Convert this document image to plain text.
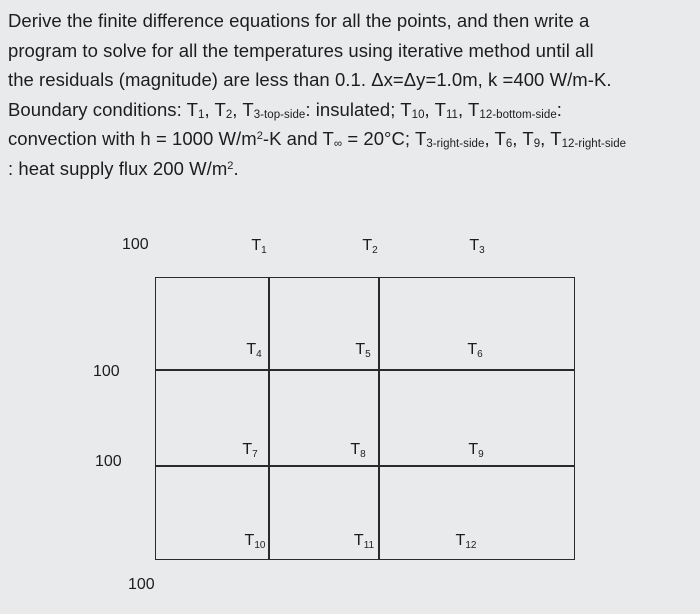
Derive the finite difference equations for all the points, and then write a
program to solve for all the temperatures using iterative method until all
the residuals (magnitude) are less than 0.1. Δx=Δy=1.0m, k =400 W/m-K.
Boundary conditions: $T_1$, $T_2$, $T_{3-top-side}$: insulated; $T_{10}$, $T_{11}$, $T_{12-bottom-side}$:
convection with h = 1000 $W/m^2-K$ and $T_\infty = 20^\circ C$; $T_{3-right-side}$, $T_6$, $T_9$, $T_{12-right-side}$
: heat supply flux 200 $W/m^2$.
100
100
100
100
$T_1$	$T_2$	$T_3$
$T_4$	$T_5$	$T_6$
$T_7$	$T_8$	$T_9$
$T_{10}$	$T_{11}$	$T_{12}$
